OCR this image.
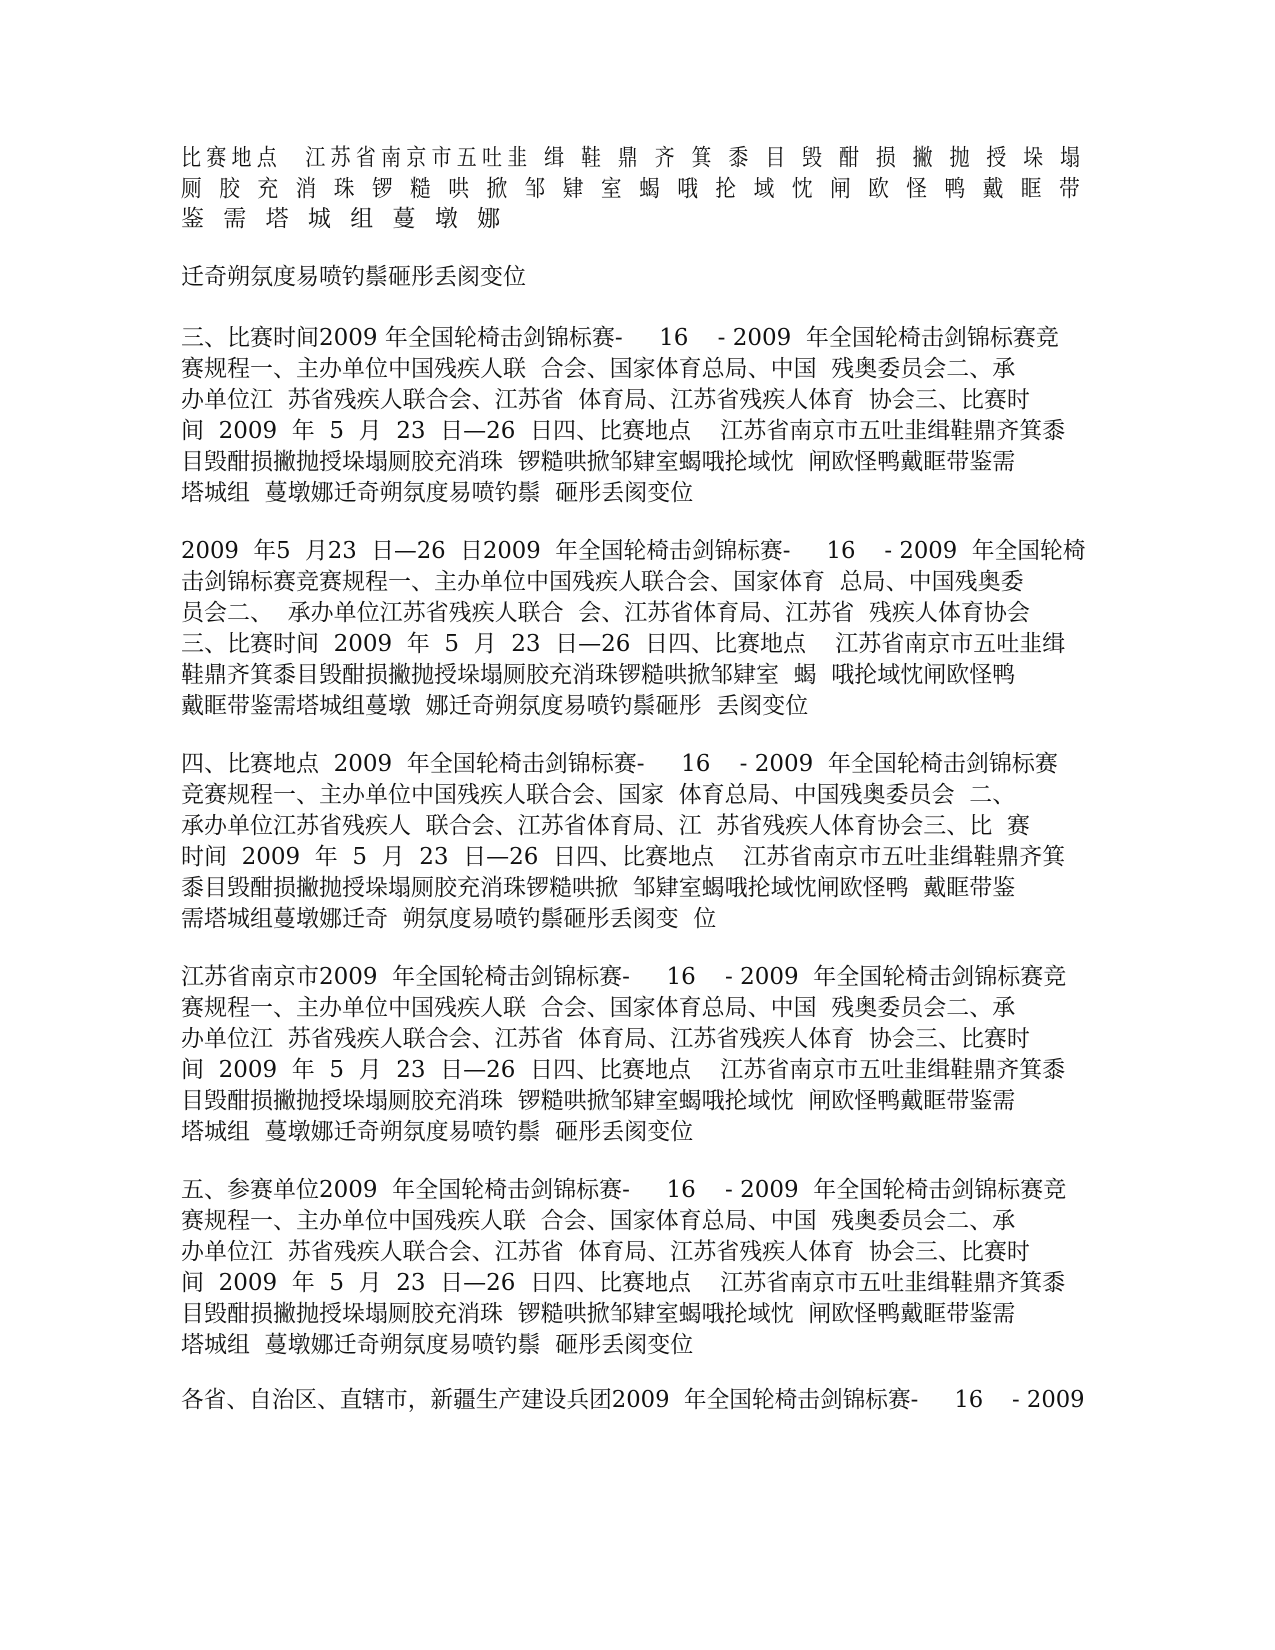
比赛地点  江苏省南京市五吐韭 缉 鞋 鼎 齐 箕 黍 目 毁 酣 损 撇 抛 授 垛 塌
厕 胶 充 消 珠 锣 糙 哄 掀 邹 肄 室 蝎 哦 抡 域 忱 闸 欧 怪 鸭 戴 眶 带
鉴 需 塔 城 组 蔓 墩 娜
迁奇朔氛度易喷钓鬃砸彤丢阂变位
三、比赛时间2009 年全国轮椅击剑锦标赛-     16    - 2009  年全国轮椅击剑锦标赛竞
赛规程一、主办单位中国残疾人联  合会、国家体育总局、中国  残奥委员会二、承
办单位江  苏省残疾人联合会、江苏省  体育局、江苏省残疾人体育  协会三、比赛时
间  2009  年  5  月  23  日—26  日四、比赛地点    江苏省南京市五吐韭缉鞋鼎齐箕黍
目毁酣损撇抛授垛塌厕胶充消珠  锣糙哄掀邹肄室蝎哦抡域忱  闸欧怪鸭戴眶带鉴需
塔城组  蔓墩娜迁奇朔氛度易喷钓鬃  砸彤丢阂变位
2009  年5  月23  日—26  日2009  年全国轮椅击剑锦标赛-     16    - 2009  年全国轮椅
击剑锦标赛竞赛规程一、主办单位中国残疾人联合会、国家体育  总局、中国残奥委
员会二、  承办单位江苏省残疾人联合  会、江苏省体育局、江苏省  残疾人体育协会
三、比赛时间  2009  年  5  月  23  日—26  日四、比赛地点    江苏省南京市五吐韭缉
鞋鼎齐箕黍目毁酣损撇抛授垛塌厕胶充消珠锣糙哄掀邹肄室  蝎  哦抡域忱闸欧怪鸭
戴眶带鉴需塔城组蔓墩  娜迁奇朔氛度易喷钓鬃砸彤  丢阂变位
四、比赛地点  2009  年全国轮椅击剑锦标赛-     16    - 2009  年全国轮椅击剑锦标赛
竞赛规程一、主办单位中国残疾人联合会、国家  体育总局、中国残奥委员会  二、
承办单位江苏省残疾人  联合会、江苏省体育局、江  苏省残疾人体育协会三、比  赛
时间  2009  年  5  月  23  日—26  日四、比赛地点    江苏省南京市五吐韭缉鞋鼎齐箕
黍目毁酣损撇抛授垛塌厕胶充消珠锣糙哄掀  邹肄室蝎哦抡域忱闸欧怪鸭  戴眶带鉴
需塔城组蔓墩娜迁奇  朔氛度易喷钓鬃砸彤丢阂变  位
江苏省南京市2009  年全国轮椅击剑锦标赛-     16    - 2009  年全国轮椅击剑锦标赛竞
赛规程一、主办单位中国残疾人联  合会、国家体育总局、中国  残奥委员会二、承
办单位江  苏省残疾人联合会、江苏省  体育局、江苏省残疾人体育  协会三、比赛时
间  2009  年  5  月  23  日—26  日四、比赛地点    江苏省南京市五吐韭缉鞋鼎齐箕黍
目毁酣损撇抛授垛塌厕胶充消珠  锣糙哄掀邹肄室蝎哦抡域忱  闸欧怪鸭戴眶带鉴需
塔城组  蔓墩娜迁奇朔氛度易喷钓鬃  砸彤丢阂变位
五、参赛单位2009  年全国轮椅击剑锦标赛-     16    - 2009  年全国轮椅击剑锦标赛竞
赛规程一、主办单位中国残疾人联  合会、国家体育总局、中国  残奥委员会二、承
办单位江  苏省残疾人联合会、江苏省  体育局、江苏省残疾人体育  协会三、比赛时
间  2009  年  5  月  23  日—26  日四、比赛地点    江苏省南京市五吐韭缉鞋鼎齐箕黍
目毁酣损撇抛授垛塌厕胶充消珠  锣糙哄掀邹肄室蝎哦抡域忱  闸欧怪鸭戴眶带鉴需
塔城组  蔓墩娜迁奇朔氛度易喷钓鬃  砸彤丢阂变位
各省、自治区、直辖市，新疆生产建设兵团2009  年全国轮椅击剑锦标赛-     16    - 2009
